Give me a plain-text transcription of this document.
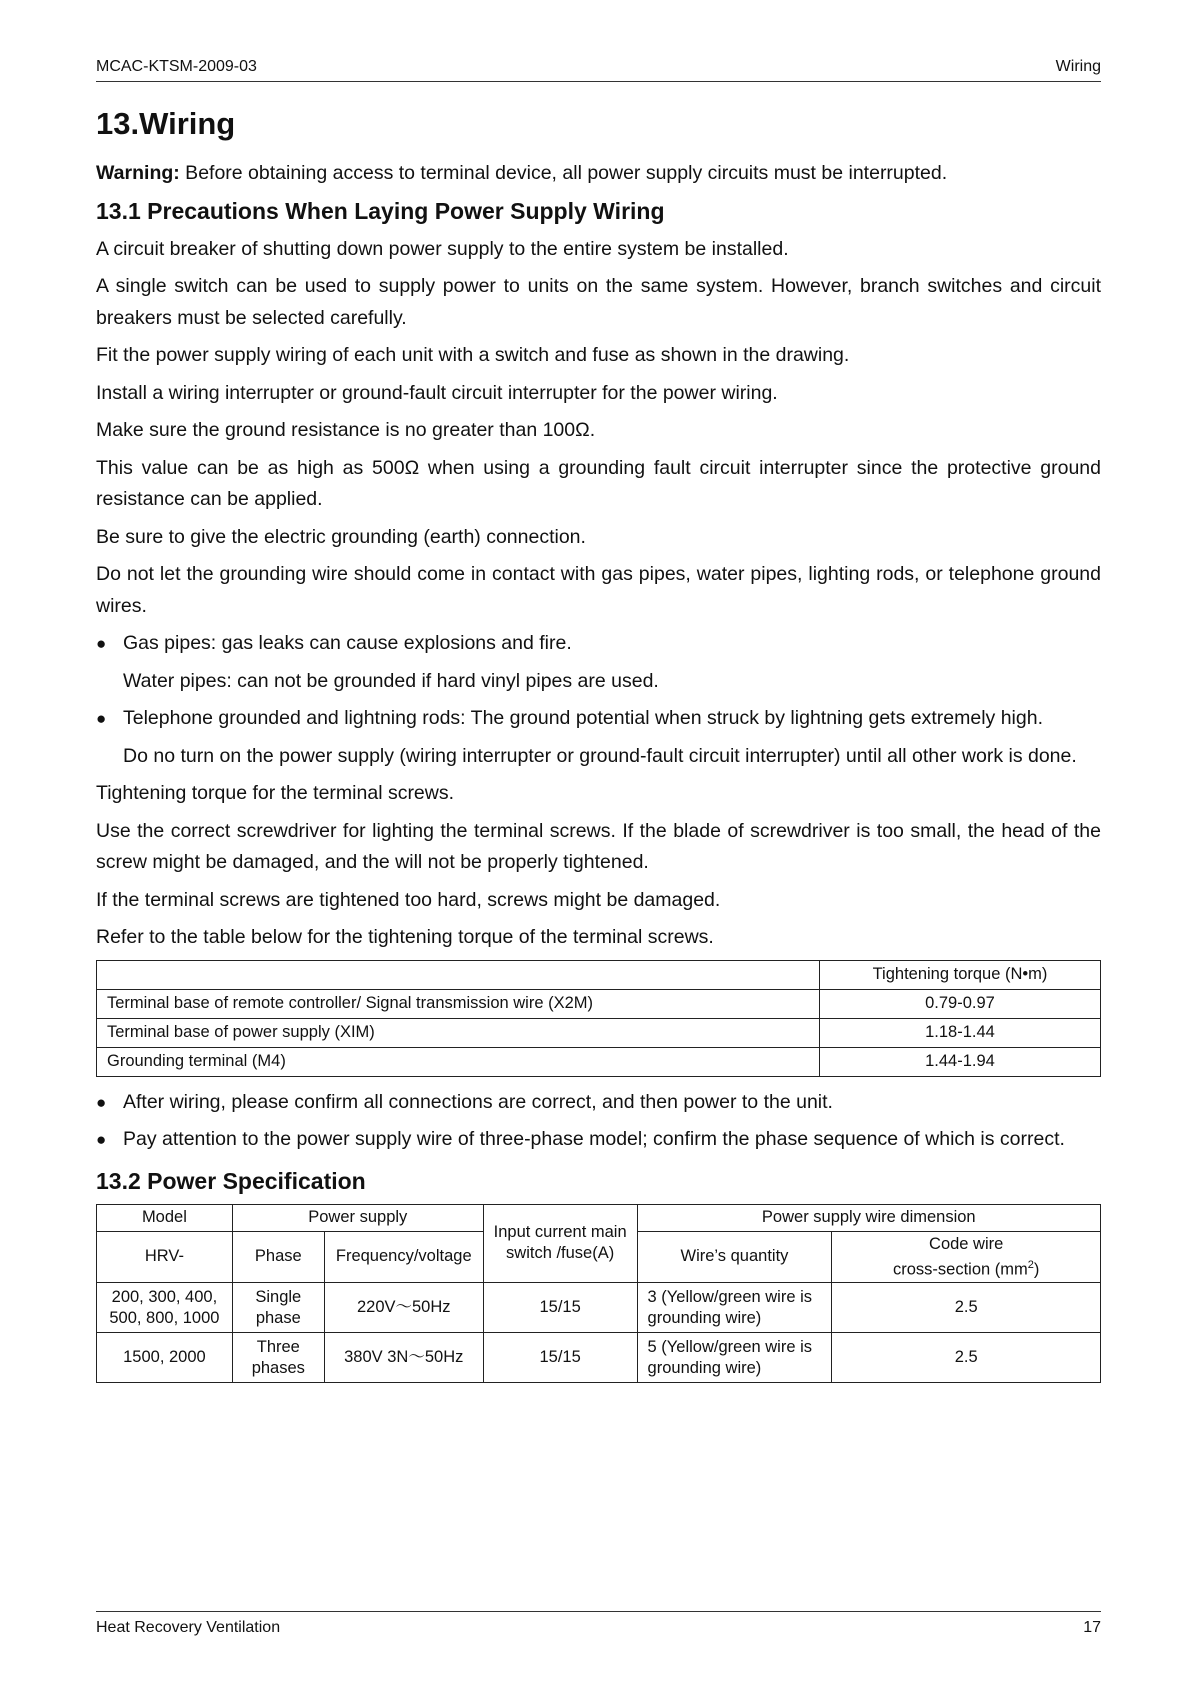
MCAC-KTSM-2009-03	Wiring
13.Wiring

Warning: Before obtaining access to terminal device, all power supply circuits must be interrupted.

13.1 Precautions When Laying Power Supply Wiring

A circuit breaker of shutting down power supply to the entire system be installed.

A single switch can be used to supply power to units on the same system. However, branch switches and circuit breakers must be selected carefully.

Fit the power supply wiring of each unit with a switch and fuse as shown in the drawing.

Install a wiring interrupter or ground-fault circuit interrupter for the power wiring.

Make sure the ground resistance is no greater than 100Ω.

This value can be as high as 500Ω when using a grounding fault circuit interrupter since the protective ground resistance can be applied.

Be sure to give the electric grounding (earth) connection.

Do not let the grounding wire should come in contact with gas pipes, water pipes, lighting rods, or telephone ground wires.

● Gas pipes: gas leaks can cause explosions and fire.

Water pipes: can not be grounded if hard vinyl pipes are used.

● Telephone grounded and lightning rods: The ground potential when struck by lightning gets extremely high.

Do no turn on the power supply (wiring interrupter or ground-fault circuit interrupter) until all other work is done.

Tightening torque for the terminal screws.

Use the correct screwdriver for lighting the terminal screws. If the blade of screwdriver is too small, the head of the screw might be damaged, and the will not be properly tightened.

If the terminal screws are tightened too hard, screws might be damaged.

Refer to the table below for the tightening torque of the terminal screws.

	Tightening torque (N•m)
Terminal base of remote controller/ Signal transmission wire (X2M)	0.79-0.97
Terminal base of power supply (XIM)	1.18-1.44
Grounding terminal (M4)	1.44-1.94

● After wiring, please confirm all connections are correct, and then power to the unit.

● Pay attention to the power supply wire of three-phase model; confirm the phase sequence of which is correct.

13.2 Power Specification
Model	Power supply		Input current main switch /fuse(A)	Power supply wire dimension	
HRV-	Phase	Frequency/voltage		Wire’s quantity	Code wire
cross-section $(mm^2)$
200, 300, 400, 500, 800, 1000	Single phase	220V～50Hz	15/15	3 (Yellow/green wire is grounding wire)	2.5
1500, 2000	Three phases	380V 3N～50Hz	15/15	5 (Yellow/green wire is grounding wire)	2.5
Heat Recovery Ventilation	17
